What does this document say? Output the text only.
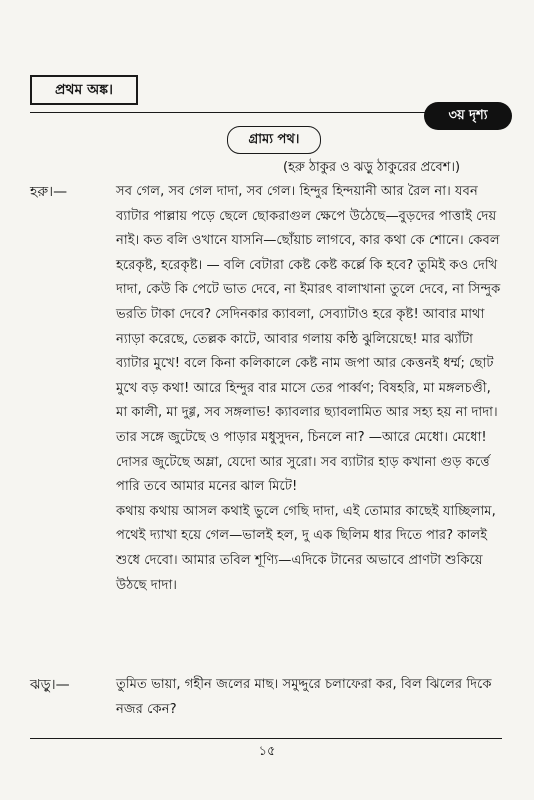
প্রথম অঙ্ক।
৩য় দৃশ্য
গ্রাম্য পথ।
(হরু ঠাকুর ও ঝড়ু ঠাকুরের প্রবেশ।)
হরু।—	সব গেল, সব গেল দাদা, সব গেল। হিন্দুর হিন্দয়ানী আর রৈল না। যবন ব্যাটার পাল্লায় পড়ে ছেলে ছোকরাগুল ক্ষেপে উঠেছে—বুড়দের পাত্তাই দেয় নাই। কত বলি ওখানে যাসনি—ছোঁয়াচ লাগবে, কার কথা কে শোনে। কেবল হরেকৃষ্ট, হরেকৃষ্ট। — বলি বেটারা কেষ্ট কেষ্ট কর্ল্লে কি হবে? তুমিই কও দেখি দাদা, কেউ কি পেটে ভাত দেবে, না ইমারৎ বালাখানা তুলে দেবে, না সিন্দুক ভরতি টাকা দেবে? সেদিনকার ক্যাবলা, সেব্যাটাও হরে কৃষ্ট! আবার মাথা ন্যাড়া করেছে, তেল্লক কাটে, আবার গলায় কন্ঠি ঝুলিয়েছে! মার ঝ্যাঁটা ব্যাটার মুখে! বলে কিনা কলিকালে কেষ্ট নাম জপা আর কেত্তনই ধর্ম্ম; ছোট মুখে বড় কথা! আরে হিন্দুর বার মাসে তের পার্ব্বণ; বিষহরি, মা মঙ্গলচণ্ডী, মা কালী, মা দুগ্গ, সব সঙ্গলাভ! ক্যাবলার ছ্যাবলামিত আর সহ্য হয় না দাদা। তার সঙ্গে জুটেছে ও পাড়ার মধুসুদন, চিনলে না? —আরে মেধো। মেধো! দোসর জুটেছে অম্লা, যেদো আর সুরো। সব ব্যাটার হাড় কখানা গুড় কর্ত্তে পারি তবে আমার মনের ঝাল মিটে!

কথায় কথায় আসল কথাই ভুলে গেছি দাদা, এই তোমার কাছেই যাচ্ছিলাম, পথেই দ্যাখা হয়ে গেল—ভালই হল, দু এক ছিলিম ধার দিতে পার? কালই শুধে দেবো। আমার তবিল শূণ্যি—এদিকে টানের অভাবে প্রাণটা শুকিয়ে উঠছে দাদা।

ঝড়ু।—	তুমিত ভায়া, গহীন জলের মাছ। সমুদ্দুরে চলাফেরা কর, বিল ঝিলের দিকে নজর কেন?

১৫
